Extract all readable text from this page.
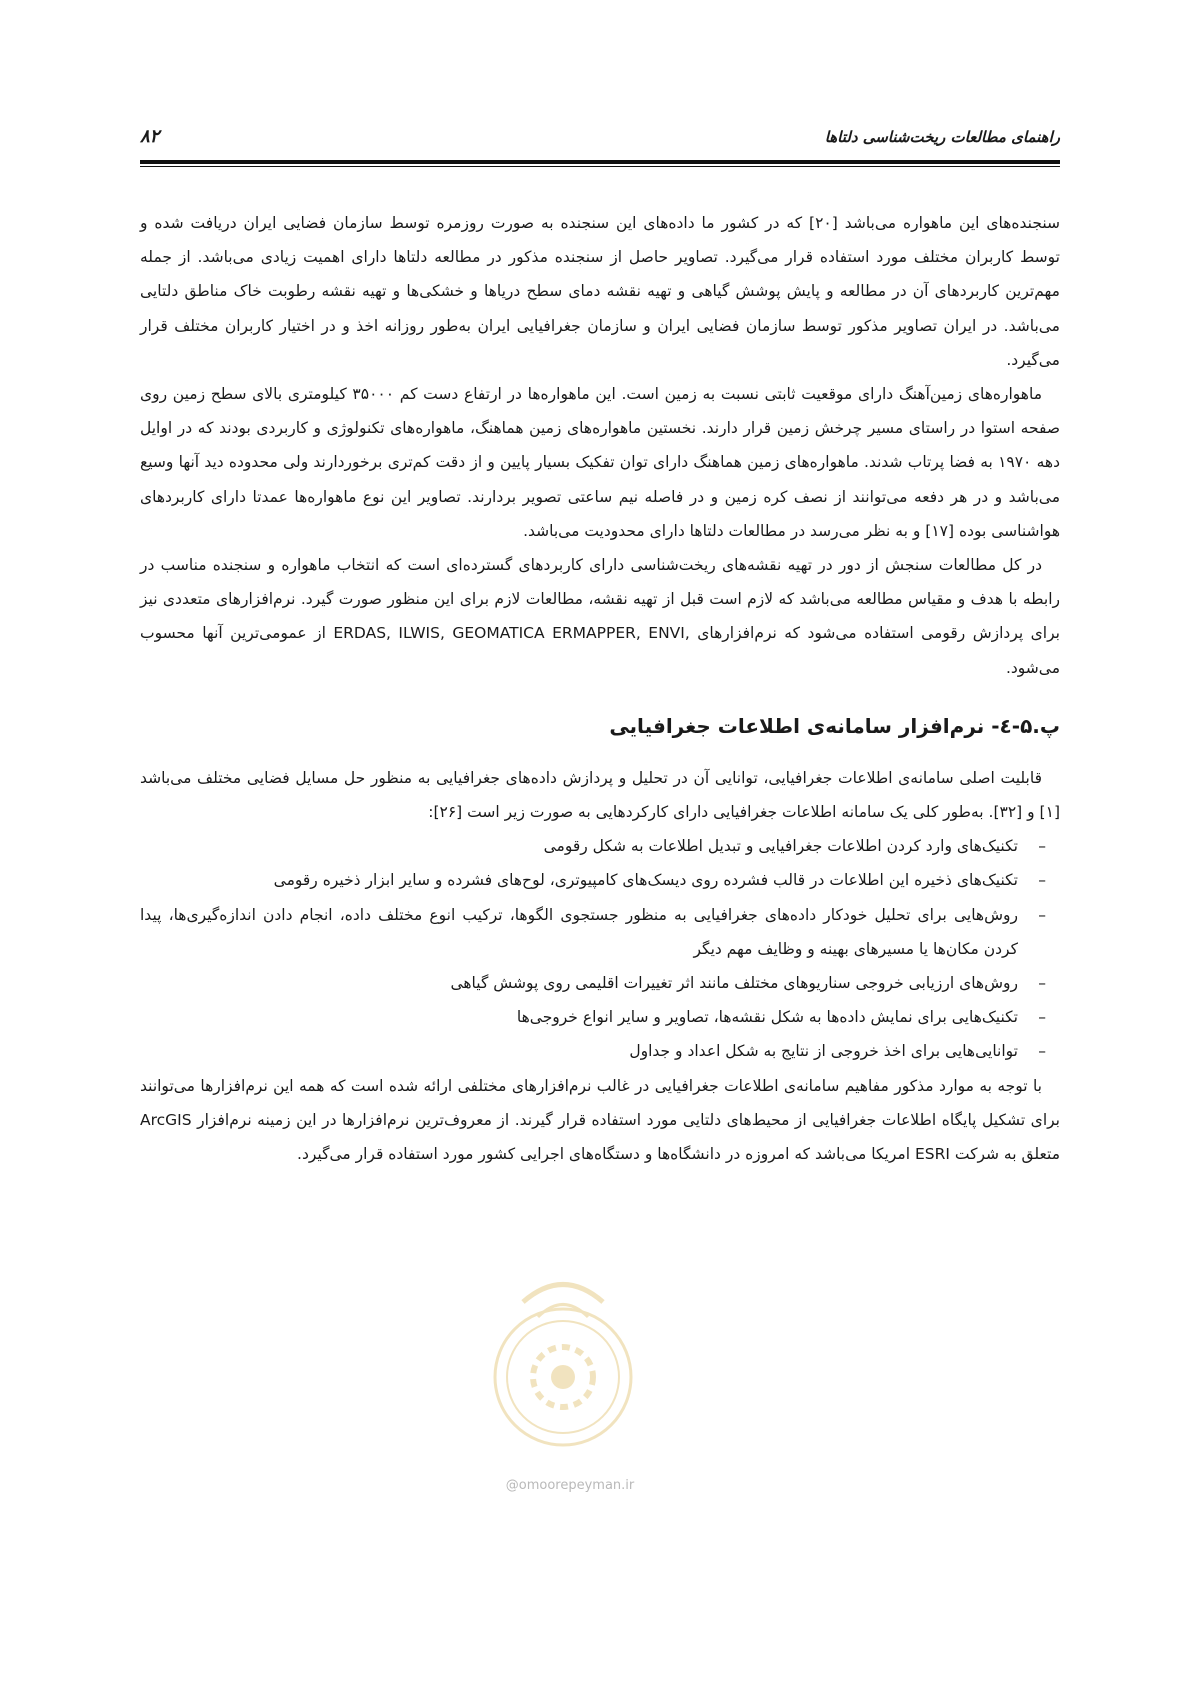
راهنمای مطالعات ریخت‌شناسی دلتاها
۸۲

سنجنده‌های این ماهواره می‌باشد [۲۰] که در کشور ما داده‌های این سنجنده به صورت روزمره توسط سازمان فضایی ایران دریافت شده و توسط کاربران مختلف مورد استفاده قرار می‌گیرد. تصاویر حاصل از سنجنده مذکور در مطالعه دلتاها دارای اهمیت زیادی می‌باشد. از جمله مهم‌ترین کاربردهای آن در مطالعه و پایش پوشش گیاهی و تهیه نقشه دمای سطح دریاها و خشکی‌ها و تهیه نقشه رطوبت خاک مناطق دلتایی می‌باشد. در ایران تصاویر مذکور توسط سازمان فضایی ایران و سازمان جغرافیایی ایران به‌طور روزانه اخذ و در اختیار کاربران مختلف قرار می‌گیرد.

ماهواره‌های زمین‌آهنگ دارای موقعیت ثابتی نسبت به زمین است. این ماهواره‌ها در ارتفاع دست کم ۳۵۰۰۰ کیلومتری بالای سطح زمین روی صفحه استوا در راستای مسیر چرخش زمین قرار دارند. نخستین ماهواره‌های زمین هماهنگ، ماهواره‌های تکنولوژی و کاربردی بودند که در اوایل دهه ۱۹۷۰ به فضا پرتاب شدند. ماهواره‌های زمین هماهنگ دارای توان تفکیک بسیار پایین و از دقت کم‌تری برخوردارند ولی محدوده دید آنها وسیع می‌باشد و در هر دفعه می‌توانند از نصف کره زمین و در فاصله نیم ساعتی تصویر بردارند. تصاویر این نوع ماهواره‌ها عمدتا دارای کاربردهای هواشناسی بوده [۱۷] و به نظر می‌رسد در مطالعات دلتاها دارای محدودیت می‌باشد.

در کل مطالعات سنجش از دور در تهیه نقشه‌های ریخت‌شناسی دارای کاربردهای گسترده‌ای است که انتخاب ماهواره و سنجنده مناسب در رابطه با هدف و مقیاس مطالعه می‌باشد که لازم است قبل از تهیه نقشه، مطالعات لازم برای این منظور صورت گیرد. نرم‌افزارهای متعددی نیز برای پردازش رقومی استفاده می‌شود که نرم‌افزارهای ERDAS, ILWIS, GEOMATICA ERMAPPER, ENVI, از عمومی‌ترین آنها محسوب می‌شود.

پ.۵-٤- نرم‌افزار سامانه‌ی اطلاعات جغرافیایی

قابلیت اصلی سامانه‌ی اطلاعات جغرافیایی، توانایی آن در تحلیل و پردازش داده‌های جغرافیایی به منظور حل مسایل فضایی مختلف می‌باشد [۱] و [۳۲]. به‌طور کلی یک سامانه اطلاعات جغرافیایی دارای کارکردهایی به صورت زیر است [۲۶]:

–
تکنیک‌های وارد کردن اطلاعات جغرافیایی و تبدیل اطلاعات به شکل رقومی
–
تکنیک‌های ذخیره این اطلاعات در قالب فشرده روی دیسک‌های کامپیوتری، لوح‌های فشرده و سایر ابزار ذخیره رقومی
–
روش‌هایی برای تحلیل خودکار داده‌های جغرافیایی به منظور جستجوی الگوها، ترکیب انوع مختلف داده، انجام دادن اندازه‌گیری‌ها، پیدا کردن مکان‌ها یا مسیرهای بهینه و وظایف مهم دیگر
–
روش‌های ارزیابی خروجی سناریوهای مختلف مانند اثر تغییرات اقلیمی روی پوشش گیاهی
–
تکنیک‌هایی برای نمایش داده‌ها به شکل نقشه‌ها، تصاویر و سایر انواع خروجی‌ها
–
توانایی‌هایی برای اخذ خروجی از نتایج به شکل اعداد و جداول

با توجه به موارد مذکور مفاهیم سامانه‌ی اطلاعات جغرافیایی در غالب نرم‌افزارهای مختلفی ارائه شده است که همه این نرم‌افزارها می‌توانند برای تشکیل پایگاه اطلاعات جغرافیایی از محیط‌های دلتایی مورد استفاده قرار گیرند. از معروف‌ترین نرم‌افزارها در این زمینه نرم‌افزار ArcGIS متعلق به شرکت ESRI امریکا می‌باشد که امروزه در دانشگاه‌ها و دستگاه‌های اجرایی کشور مورد استفاده قرار می‌گیرد.

@omoorepeyman.ir
